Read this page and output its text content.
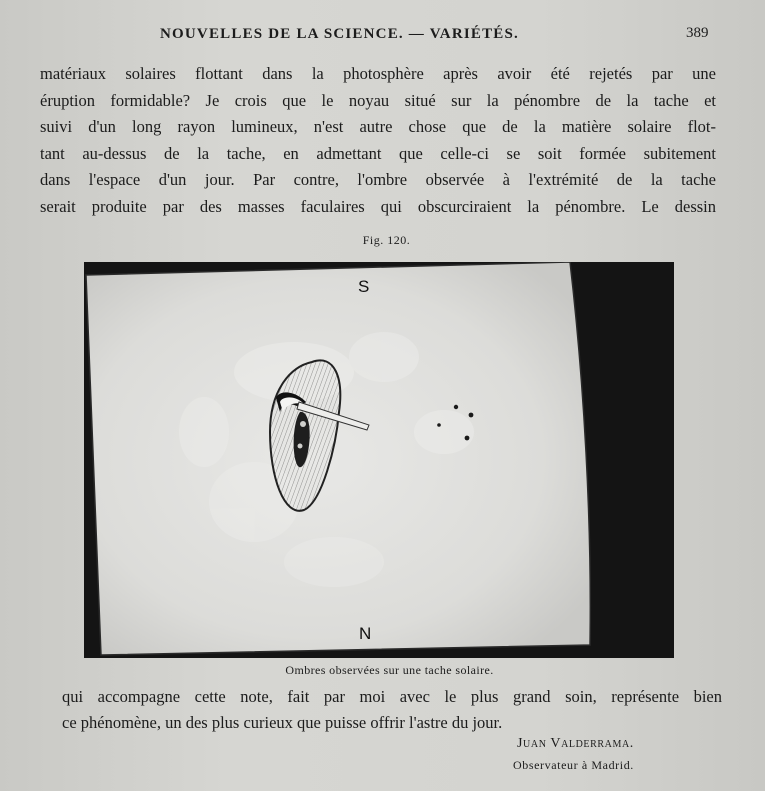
NOUVELLES DE LA SCIENCE. — VARIÉTÉS.	389
matériaux solaires flottant dans la photosphère après avoir été rejetés par une
éruption formidable? Je crois que le noyau situé sur la pénombre de la tache et
suivi d'un long rayon lumineux, n'est autre chose que de la matière solaire flot-
tant au-dessus de la tache, en admettant que celle-ci se soit formée subitement
dans l'espace d'un jour. Par contre, l'ombre observée à l'extrémité de la tache
serait produite par des masses faculaires qui obscurciraient la pénombre. Le dessin
Fig. 120.
S
N
Ombres observées sur une tache solaire.
qui accompagne cette note, fait par moi avec le plus grand soin, représente bien
ce phénomène, un des plus curieux que puisse offrir l'astre du jour.
Juan Valderrama.
Observateur à Madrid.
